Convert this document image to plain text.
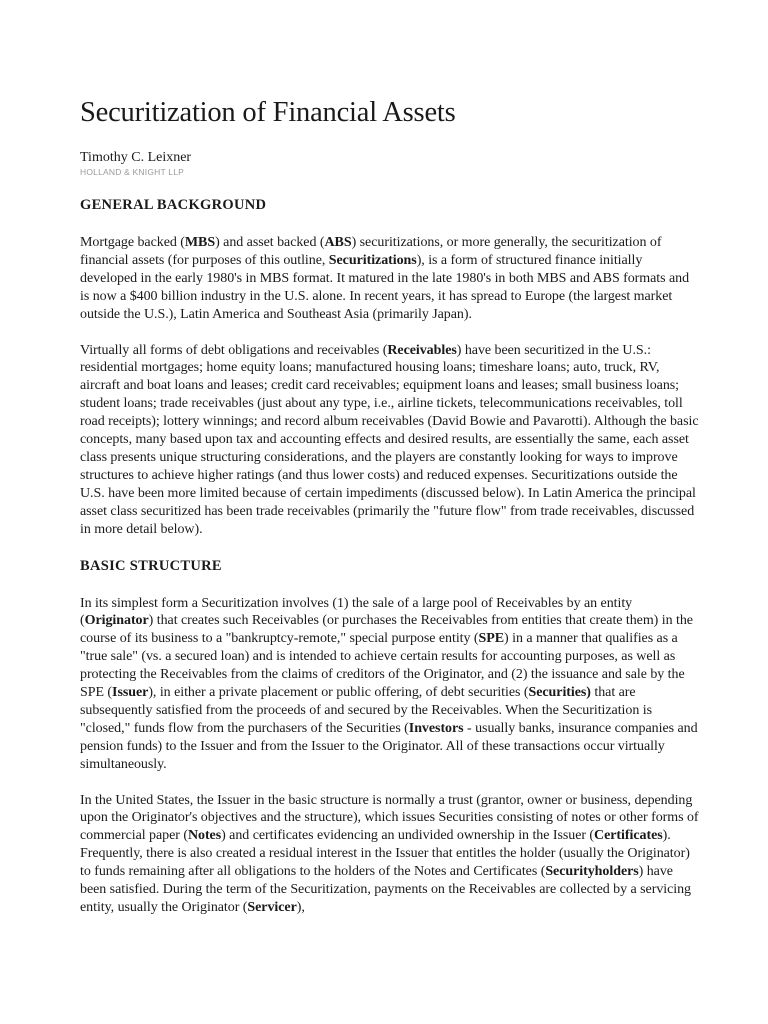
Securitization of Financial Assets
Timothy C. Leixner
HOLLAND & KNIGHT LLP
GENERAL BACKGROUND

Mortgage backed (MBS) and asset backed (ABS) securitizations, or more generally, the securitization of financial assets (for purposes of this outline, Securitizations), is a form of structured finance initially developed in the early 1980's in MBS format. It matured in the late 1980's in both MBS and ABS formats and is now a $400 billion industry in the U.S. alone. In recent years, it has spread to Europe (the largest market outside the U.S.), Latin America and Southeast Asia (primarily Japan).

Virtually all forms of debt obligations and receivables (Receivables) have been securitized in the U.S.: residential mortgages; home equity loans; manufactured housing loans; timeshare loans; auto, truck, RV, aircraft and boat loans and leases; credit card receivables; equipment loans and leases; small business loans; student loans; trade receivables (just about any type, i.e., airline tickets, telecommunications receivables, toll road receipts); lottery winnings; and record album receivables (David Bowie and Pavarotti). Although the basic concepts, many based upon tax and accounting effects and desired results, are essentially the same, each asset class presents unique structuring considerations, and the players are constantly looking for ways to improve structures to achieve higher ratings (and thus lower costs) and reduced expenses. Securitizations outside the U.S. have been more limited because of certain impediments (discussed below). In Latin America the principal asset class securitized has been trade receivables (primarily the "future flow" from trade receivables, discussed in more detail below).

BASIC STRUCTURE

In its simplest form a Securitization involves (1) the sale of a large pool of Receivables by an entity (Originator) that creates such Receivables (or purchases the Receivables from entities that create them) in the course of its business to a "bankruptcy-remote," special purpose entity (SPE) in a manner that qualifies as a "true sale" (vs. a secured loan) and is intended to achieve certain results for accounting purposes, as well as protecting the Receivables from the claims of creditors of the Originator, and (2) the issuance and sale by the SPE (Issuer), in either a private placement or public offering, of debt securities (Securities) that are subsequently satisfied from the proceeds of and secured by the Receivables. When the Securitization is "closed," funds flow from the purchasers of the Securities (Investors - usually banks, insurance companies and pension funds) to the Issuer and from the Issuer to the Originator. All of these transactions occur virtually simultaneously.

In the United States, the Issuer in the basic structure is normally a trust (grantor, owner or business, depending upon the Originator's objectives and the structure), which issues Securities consisting of notes or other forms of commercial paper (Notes) and certificates evidencing an undivided ownership in the Issuer (Certificates). Frequently, there is also created a residual interest in the Issuer that entitles the holder (usually the Originator) to funds remaining after all obligations to the holders of the Notes and Certificates (Securityholders) have been satisfied. During the term of the Securitization, payments on the Receivables are collected by a servicing entity, usually the Originator (Servicer),
